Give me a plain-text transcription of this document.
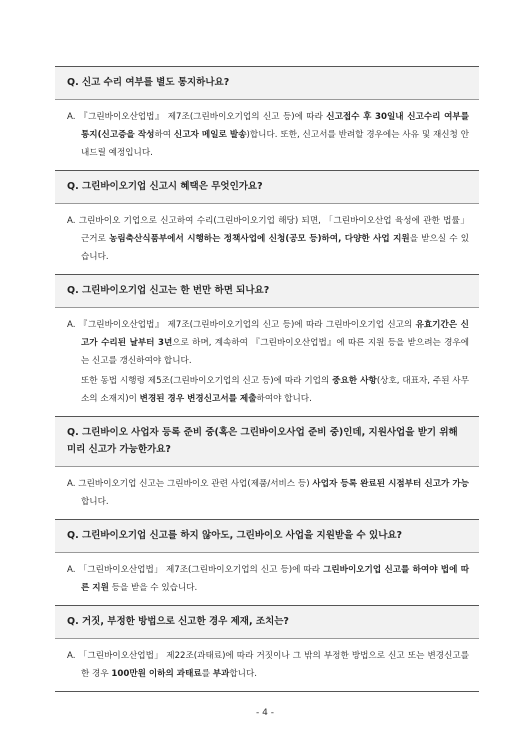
Q. 신고 수리 여부를 별도 통지하나요?

A. 『그린바이오산업법』 제7조(그린바이오기업의 신고 등)에 따라 신고접수 후 30일내 신고수리 여부를 통지(신고증을 작성하여 신고자 메일로 발송)합니다. 또한, 신고서를 반려할 경우에는 사유 및 재신청 안내드릴 예정입니다.

Q. 그린바이오기업 신고시 혜택은 무엇인가요?

A. 그린바이오 기업으로 신고하여 수리(그린바이오기업 해당) 되면, 「그린바이오산업 육성에 관한 법률」 근거로 농림축산식품부에서 시행하는 정책사업에 신청(공모 등)하여, 다양한 사업 지원을 받으실 수 있습니다.

Q. 그린바이오기업 신고는 한 번만 하면 되나요?

A. 『그린바이오산업법』 제7조(그린바이오기업의 신고 등)에 따라 그린바이오기업 신고의 유효기간은 신고가 수리된 날부터 3년으로 하며, 계속하여 『그린바이오산업법』에 따른 지원 등을 받으려는 경우에는 신고를 갱신하여야 합니다.

또한 동법 시행령 제5조(그린바이오기업의 신고 등)에 따라 기업의 중요한 사항(상호, 대표자, 주된 사무소의 소재지)이 변경된 경우 변경신고서를 제출하여야 합니다.

Q. 그린바이오 사업자 등록 준비 중(혹은 그린바이오사업 준비 중)인데, 지원사업을 받기 위해 미리 신고가 가능한가요?

A. 그린바이오기업 신고는 그린바이오 관련 사업(제품/서비스 등) 사업자 등록 완료된 시점부터 신고가 가능합니다.

Q. 그린바이오기업 신고를 하지 않아도, 그린바이오 사업을 지원받을 수 있나요?

A. 「그린바이오산업법」 제7조(그린바이오기업의 신고 등)에 따라 그린바이오기업 신고를 하여야 법에 따른 지원 등을 받을 수 있습니다.

Q. 거짓, 부정한 방법으로 신고한 경우 제재, 조치는?

A. 「그린바이오산업법」 제22조(과태료)에 따라 거짓이나 그 밖의 부정한 방법으로 신고 또는 변경신고를 한 경우 100만원 이하의 과태료를 부과합니다.

- 4 -
